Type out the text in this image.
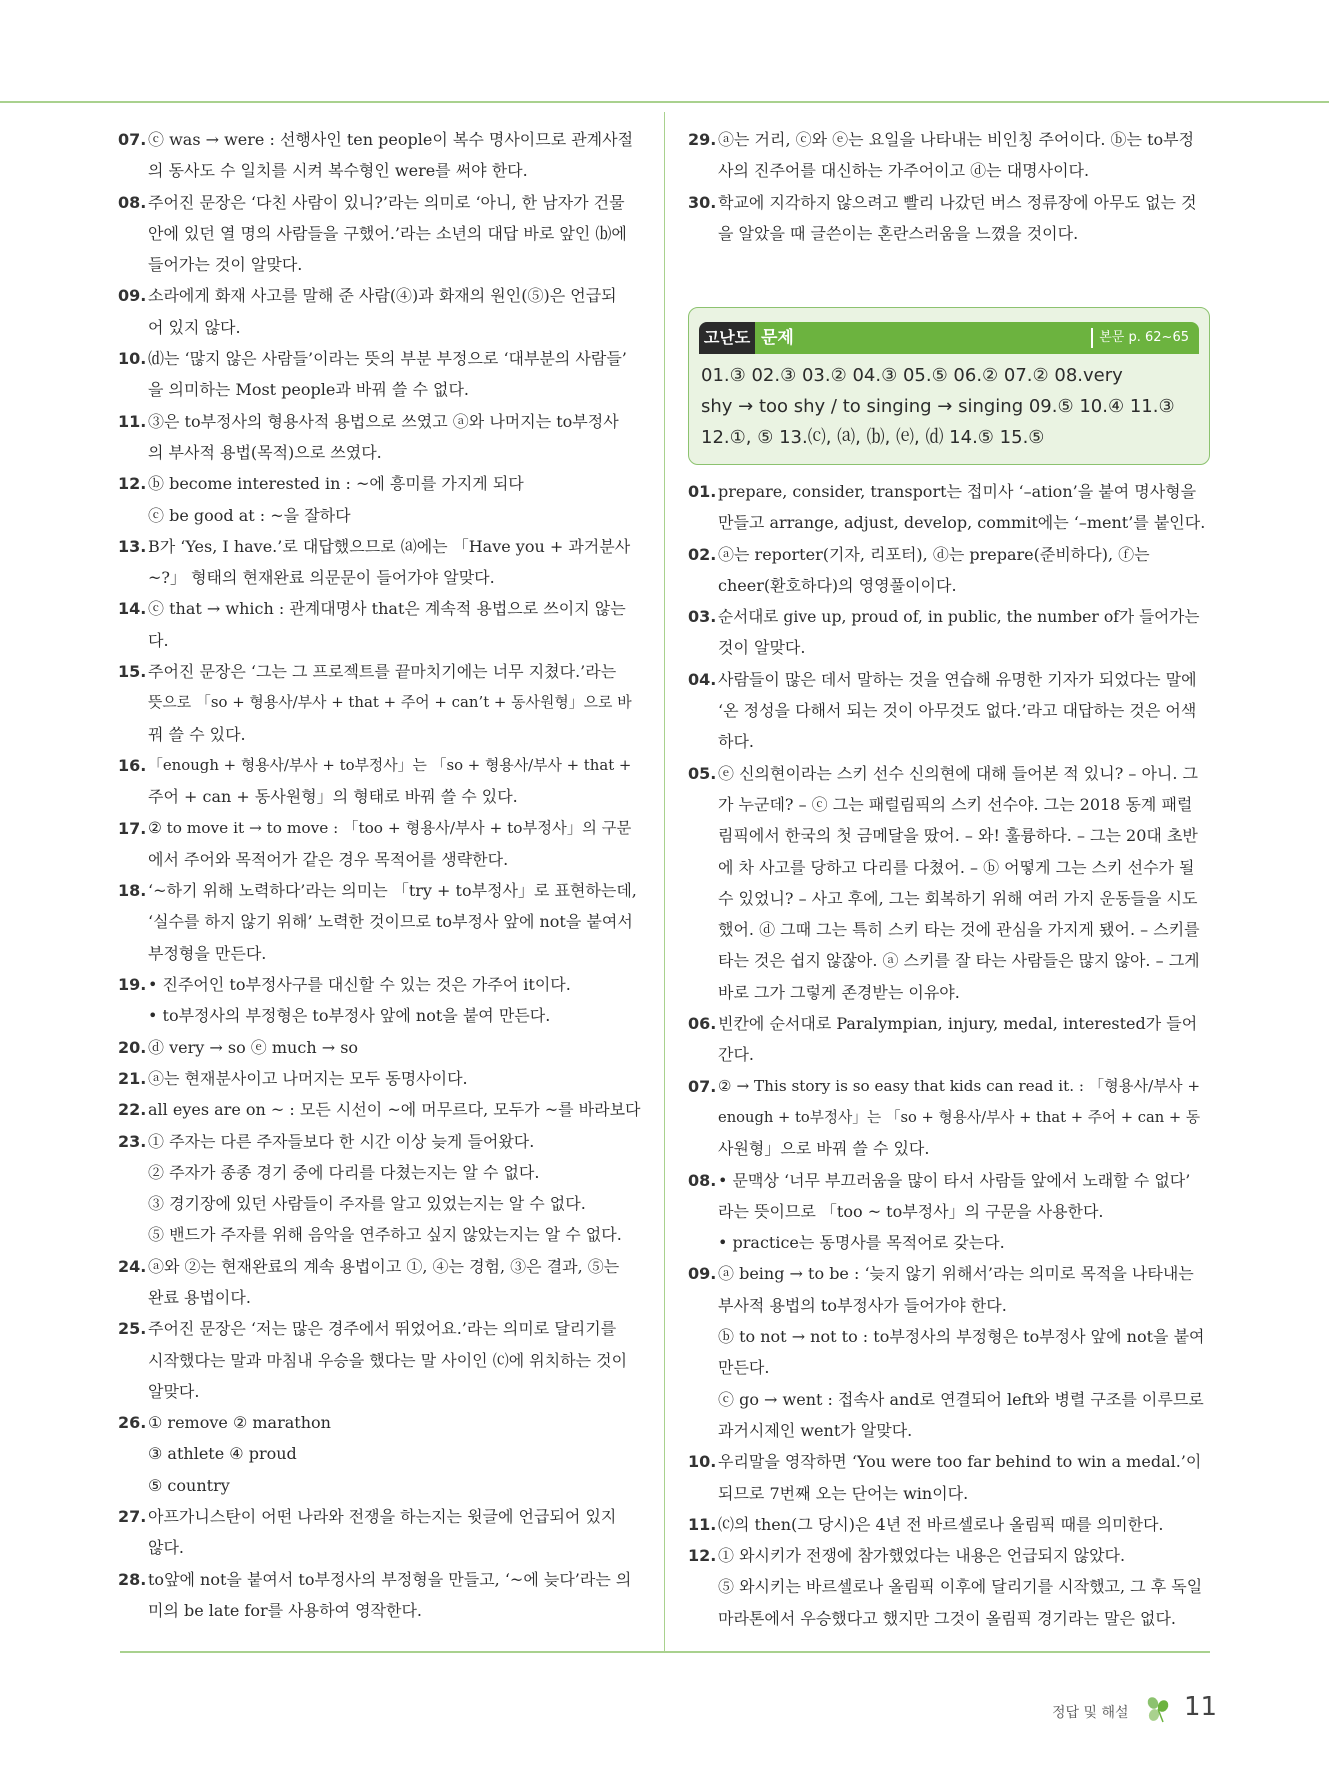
07. ⓒ was → were : 선행사인 ten people이 복수 명사이므로 관계사절
의 동사도 수 일치를 시켜 복수형인 were를 써야 한다.
08. 주어진 문장은 ‘다친 사람이 있니?’라는 의미로 ‘아니, 한 남자가 건물
안에 있던 열 명의 사람들을 구했어.’라는 소년의 대답 바로 앞인 ⒝에
들어가는 것이 알맞다.
09. 소라에게 화재 사고를 말해 준 사람(④)과 화재의 원인(⑤)은 언급되
어 있지 않다.
10. ⒟는 ‘많지 않은 사람들’이라는 뜻의 부분 부정으로 ‘대부분의 사람들’
을 의미하는 Most people과 바꿔 쓸 수 없다.
11. ③은 to부정사의 형용사적 용법으로 쓰였고 ⓐ와 나머지는 to부정사
의 부사적 용법(목적)으로 쓰였다.
12. ⓑ become interested in : ~에 흥미를 가지게 되다
ⓒ be good at : ~을 잘하다
13. B가 ‘Yes, I have.’로 대답했으므로 ⒜에는 「Have you + 과거분사
~?」 형태의 현재완료 의문문이 들어가야 알맞다.
14. ⓒ that → which : 관계대명사 that은 계속적 용법으로 쓰이지 않는
다.
15. 주어진 문장은 ‘그는 그 프로젝트를 끝마치기에는 너무 지쳤다.’라는
뜻으로 「so + 형용사/부사 + that + 주어 + can’t + 동사원형」으로 바
꿔 쓸 수 있다.
16. 「enough + 형용사/부사 + to부정사」는 「so + 형용사/부사 + that +
주어 + can + 동사원형」의 형태로 바꿔 쓸 수 있다.
17. ② to move it → to move : 「too + 형용사/부사 + to부정사」의 구문
에서 주어와 목적어가 같은 경우 목적어를 생략한다.
18. ‘~하기 위해 노력하다’라는 의미는 「try + to부정사」로 표현하는데,
‘실수를 하지 않기 위해’ 노력한 것이므로 to부정사 앞에 not을 붙여서
부정형을 만든다.
19. • 진주어인 to부정사구를 대신할 수 있는 것은 가주어 it이다.
• to부정사의 부정형은 to부정사 앞에 not을 붙여 만든다.
20. ⓓ very → so ⓔ much → so
21. ⓐ는 현재분사이고 나머지는 모두 동명사이다.
22. all eyes are on ~ : 모든 시선이 ~에 머무르다, 모두가 ~를 바라보다
23. ① 주자는 다른 주자들보다 한 시간 이상 늦게 들어왔다.
② 주자가 종종 경기 중에 다리를 다쳤는지는 알 수 없다.
③ 경기장에 있던 사람들이 주자를 알고 있었는지는 알 수 없다.
⑤ 밴드가 주자를 위해 음악을 연주하고 싶지 않았는지는 알 수 없다.
24. ⓐ와 ②는 현재완료의 계속 용법이고 ①, ④는 경험, ③은 결과, ⑤는
완료 용법이다.
25. 주어진 문장은 ‘저는 많은 경주에서 뛰었어요.’라는 의미로 달리기를
시작했다는 말과 마침내 우승을 했다는 말 사이인 ⒞에 위치하는 것이
알맞다.
26. ① remove ② marathon
③ athlete ④ proud
⑤ country
27. 아프가니스탄이 어떤 나라와 전쟁을 하는지는 윗글에 언급되어 있지
않다.
28. to앞에 not을 붙여서 to부정사의 부정형을 만들고, ‘~에 늦다’라는 의
미의 be late for를 사용하여 영작한다.
29. ⓐ는 거리, ⓒ와 ⓔ는 요일을 나타내는 비인칭 주어이다. ⓑ는 to부정
사의 진주어를 대신하는 가주어이고 ⓓ는 대명사이다.
30. 학교에 지각하지 않으려고 빨리 나갔던 버스 정류장에 아무도 없는 것
을 알았을 때 글쓴이는 혼란스러움을 느꼈을 것이다.
고난도 문제	본문 p. 62~65
01.③ 02.③ 03.② 04.③ 05.⑤ 06.② 07.② 08.very
shy → too shy / to singing → singing 09.⑤ 10.④ 11.③
12.①, ⑤ 13.⒞, ⒜, ⒝, ⒠, ⒟ 14.⑤ 15.⑤
01. prepare, consider, transport는 접미사 ‘–ation’을 붙여 명사형을
만들고 arrange, adjust, develop, commit에는 ‘–ment’를 붙인다.
02. ⓐ는 reporter(기자, 리포터), ⓓ는 prepare(준비하다), ⓕ는
cheer(환호하다)의 영영풀이이다.
03. 순서대로 give up, proud of, in public, the number of가 들어가는
것이 알맞다.
04. 사람들이 많은 데서 말하는 것을 연습해 유명한 기자가 되었다는 말에
‘온 정성을 다해서 되는 것이 아무것도 없다.’라고 대답하는 것은 어색
하다.
05. ⓔ 신의현이라는 스키 선수 신의현에 대해 들어본 적 있니? – 아니. 그
가 누군데? – ⓒ 그는 패럴림픽의 스키 선수야. 그는 2018 동계 패럴
림픽에서 한국의 첫 금메달을 땄어. – 와! 훌륭하다. – 그는 20대 초반
에 차 사고를 당하고 다리를 다쳤어. – ⓑ 어떻게 그는 스키 선수가 될
수 있었니? – 사고 후에, 그는 회복하기 위해 여러 가지 운동들을 시도
했어. ⓓ 그때 그는 특히 스키 타는 것에 관심을 가지게 됐어. – 스키를
타는 것은 쉽지 않잖아. ⓐ 스키를 잘 타는 사람들은 많지 않아. – 그게
바로 그가 그렇게 존경받는 이유야.
06. 빈칸에 순서대로 Paralympian, injury, medal, interested가 들어
간다.
07. ② → This story is so easy that kids can read it. : 「형용사/부사 +
enough + to부정사」는 「so + 형용사/부사 + that + 주어 + can + 동
사원형」으로 바꿔 쓸 수 있다.
08. • 문맥상 ‘너무 부끄러움을 많이 타서 사람들 앞에서 노래할 수 없다’
라는 뜻이므로 「too ~ to부정사」의 구문을 사용한다.
• practice는 동명사를 목적어로 갖는다.
09. ⓐ being → to be : ‘늦지 않기 위해서’라는 의미로 목적을 나타내는
부사적 용법의 to부정사가 들어가야 한다.
ⓑ to not → not to : to부정사의 부정형은 to부정사 앞에 not을 붙여
만든다.
ⓒ go → went : 접속사 and로 연결되어 left와 병렬 구조를 이루므로
과거시제인 went가 알맞다.
10. 우리말을 영작하면 ‘You were too far behind to win a medal.’이
되므로 7번째 오는 단어는 win이다.
11. ⒞의 then(그 당시)은 4년 전 바르셀로나 올림픽 때를 의미한다.
12. ① 와시키가 전쟁에 참가했었다는 내용은 언급되지 않았다.
⑤ 와시키는 바르셀로나 올림픽 이후에 달리기를 시작했고, 그 후 독일
마라톤에서 우승했다고 했지만 그것이 올림픽 경기라는 말은 없다.
정답 및 해설 11
